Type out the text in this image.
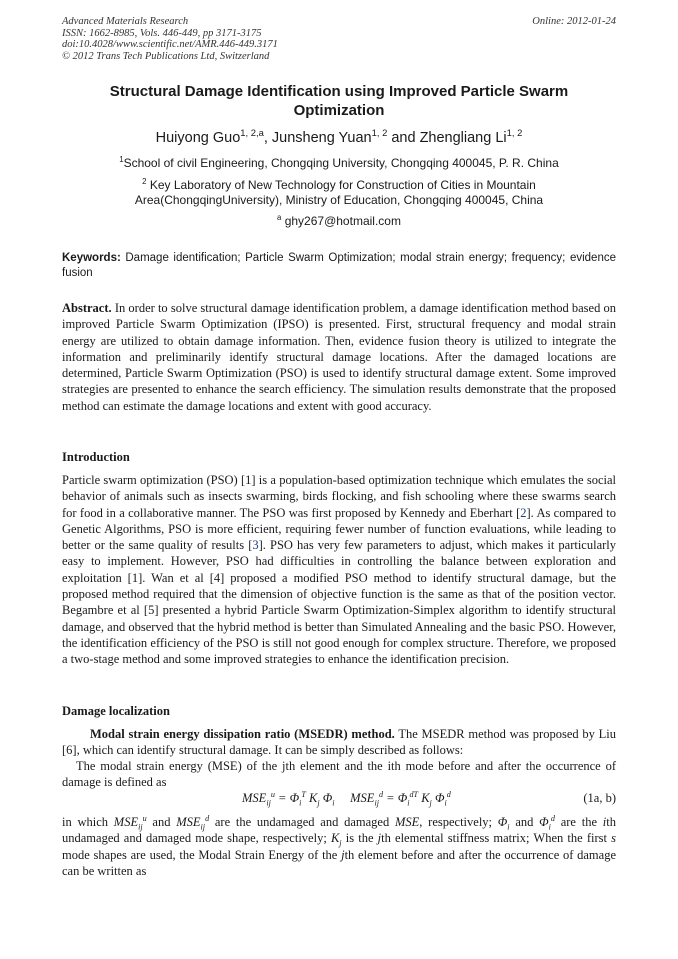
Advanced Materials Research
ISSN: 1662-8985, Vols. 446-449, pp 3171-3175
doi:10.4028/www.scientific.net/AMR.446-449.3171
© 2012 Trans Tech Publications Ltd, Switzerland
Online: 2012-01-24
Structural Damage Identification using Improved Particle Swarm
Optimization
Huiyong Guo$^{1, 2,a}$, Junsheng Yuan$^{1, 2}$ and Zhengliang Li$^{1, 2}$
$^1$School of civil Engineering, Chongqing University, Chongqing 400045, P. R. China
$^2$ Key Laboratory of New Technology for Construction of Cities in Mountain
Area(ChongqingUniversity), Ministry of Education, Chongqing 400045, China
$^a$ ghy267@hotmail.com
Keywords: Damage identification; Particle Swarm Optimization; modal strain energy; frequency; evidence fusion
Abstract. In order to solve structural damage identification problem, a damage identification method based on improved Particle Swarm Optimization (IPSO) is presented. First, structural frequency and modal strain energy are utilized to obtain damage information. Then, evidence fusion theory is utilized to integrate the information and preliminarily identify structural damage locations. After the damaged locations are determined, Particle Swarm Optimization (PSO) is used to identify structural damage extent. Some improved strategies are presented to enhance the search efficiency. The simulation results demonstrate that the proposed method can estimate the damage locations and extent with good accuracy.
Introduction
Particle swarm optimization (PSO) [1] is a population-based optimization technique which emulates the social behavior of animals such as insects swarming, birds flocking, and fish schooling where these swarms search for food in a collaborative manner. The PSO was first proposed by Kennedy and Eberhart [2]. As compared to Genetic Algorithms, PSO is more efficient, requiring fewer number of function evaluations, while leading to better or the same quality of results [3]. PSO has very few parameters to adjust, which makes it particularly easy to implement. However, PSO had difficulties in controlling the balance between exploration and exploitation [1]. Wan et al [4] proposed a modified PSO method to identify structural damage, but the proposed method required that the dimension of objective function is the same as that of the position vector. Begambre et al [5] presented a hybrid Particle Swarm Optimization-Simplex algorithm to identify structural damage, and observed that the hybrid method is better than Simulated Annealing and the basic PSO. However, the identification efficiency of the PSO is still not good enough for complex structure. Therefore, we proposed a two-stage method and some improved strategies to enhance the identification precision.
Damage localization
Modal strain energy dissipation ratio (MSEDR) method. The MSEDR method was proposed by Liu [6], which can identify structural damage. It can be simply described as follows:
The modal strain energy (MSE) of the jth element and the ith mode before and after the occurrence of damage is defined as
$MSE_{ij}^u = \Phi_i^T$ $K_j$ $\Phi_i$     $MSE_{ij}^d = \Phi_i^{dT}$ $K_j$ $\Phi_i^d$	(1a, b)
in which $MSE_{ij}^u$ and $MSE_{ij}^d$ are the undamaged and damaged MSE, respectively; $\Phi_i$ and $\Phi_i^d$ are the ith undamaged and damaged mode shape, respectively; $K_j$ is the jth elemental stiffness matrix; When the first s mode shapes are used, the Modal Strain Energy of the jth element before and after the occurrence of damage can be written as
